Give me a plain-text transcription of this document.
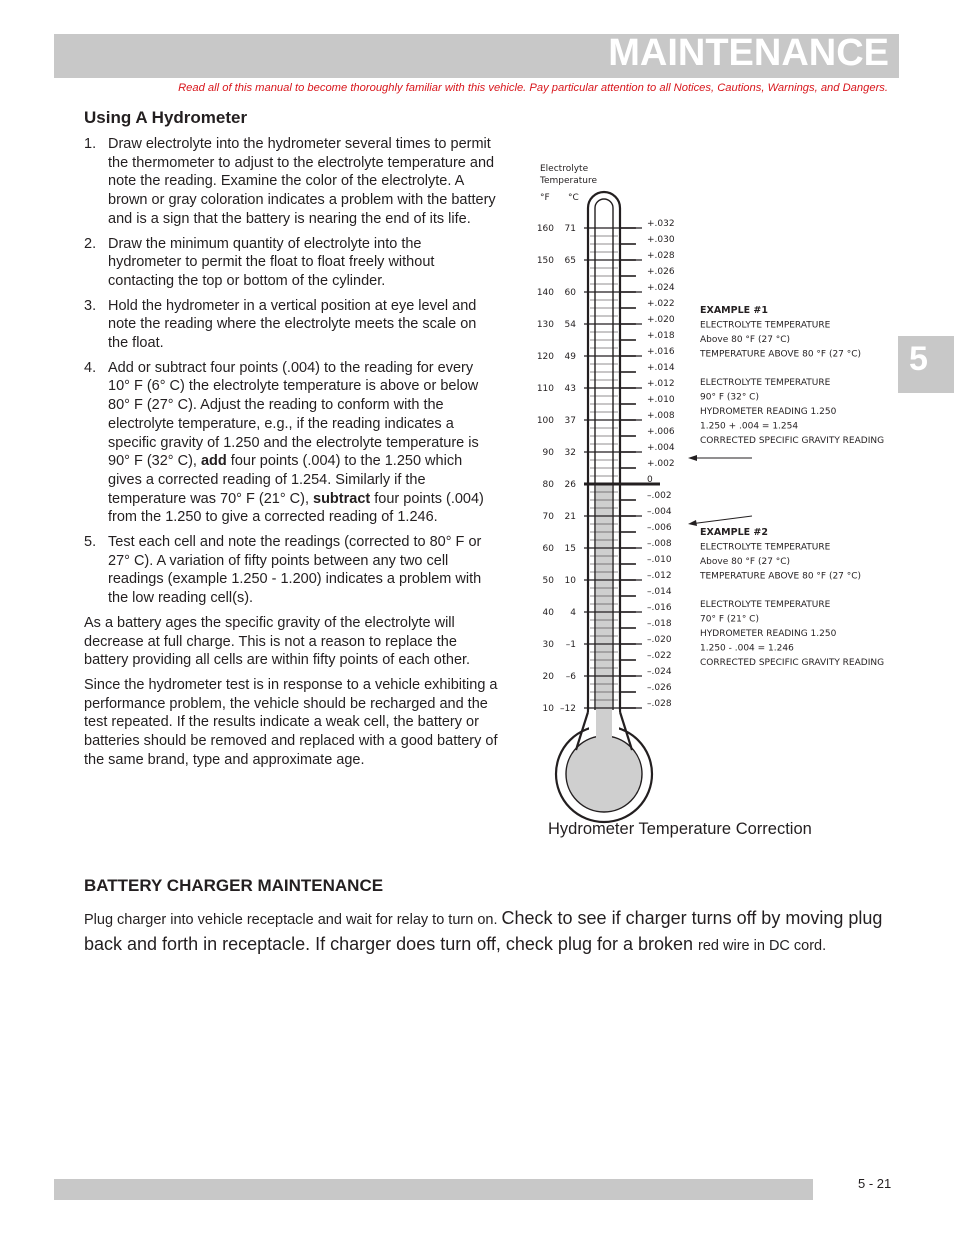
MAINTENANCE
Read all of this manual to become thoroughly familiar with this vehicle. Pay particular attention to all Notices, Cautions, Warnings, and Dangers.
5
Using A Hydrometer
1. Draw electrolyte into the hydrometer several times to permit the thermometer to adjust to the electrolyte temperature and note the reading. Examine the color of the electrolyte. A brown or gray coloration indicates a problem with the battery and is a sign that the battery is nearing the end of its life.
2. Draw the minimum quantity of electrolyte into the hydrometer to permit the float to float freely without contacting the top or bottom of the cylinder.
3. Hold the hydrometer in a vertical position at eye level and note the reading where the electrolyte meets the scale on the float.
4. Add or subtract four points (.004) to the reading for every 10° F (6° C) the electrolyte temperature is above or below 80° F (27° C). Adjust the reading to conform with the electrolyte temperature, e.g., if the reading indicates a specific gravity of 1.250 and the electrolyte temperature is 90° F (32° C), add four points (.004) to the 1.250 which gives a corrected reading of 1.254. Similarly if the temperature was 70° F (21° C), subtract four points (.004) from the 1.250 to give a corrected reading of 1.246.
5. Test each cell and note the readings (corrected to 80° F or 27° C). A variation of fifty points between any two cell readings (example 1.250 - 1.200) indicates a problem with the low reading cell(s).

As a battery ages the specific gravity of the electrolyte will decrease at full charge. This is not a reason to replace the battery providing all cells are within fifty points of each other.

Since the hydrometer test is in response to a vehicle exhibiting a performance problem, the vehicle should be recharged and the test repeated. If the results indicate a weak cell, the battery or batteries should be removed and replaced with a good battery of the same brand, type and approximate age.

Electrolyte
Temperature
°F °C
+.032
+.030
+.028
+.026
+.024
+.022
+.020
+.018
+.016
+.014
+.012
+.010
+.008
+.006
+.004
+.002
0
–.002
–.004
–.006
–.008
–.010
–.012
–.014
–.016
–.018
–.020
–.022
–.024
–.026
–.028
160 71
150 65
140 60
130 54
120 49
110 43
100 37
90 32
80 26
70 21
60 15
50 10
40 4
30 –1
20 –6
10 –12
EXAMPLE #1
ELECTROLYTE TEMPERATURE
Above 80 °F (27 °C)
TEMPERATURE ABOVE 80 °F (27 °C)
ELECTROLYTE TEMPERATURE
90° F (32° C)
HYDROMETER READING 1.250
1.250 + .004 = 1.254
CORRECTED SPECIFIC GRAVITY READING
EXAMPLE #2
ELECTROLYTE TEMPERATURE
Above 80 °F (27 °C)
TEMPERATURE ABOVE 80 °F (27 °C)
ELECTROLYTE TEMPERATURE
70° F (21° C)
HYDROMETER READING 1.250
1.250 - .004 = 1.246
CORRECTED SPECIFIC GRAVITY READING
Hydrometer Temperature Correction
BATTERY CHARGER MAINTENANCE
Plug charger into vehicle receptacle and wait for relay to turn on. Check to see if charger turns off by moving plug back and forth in receptacle. If charger does turn off, check plug for a broken red wire in DC cord.
5 - 21
